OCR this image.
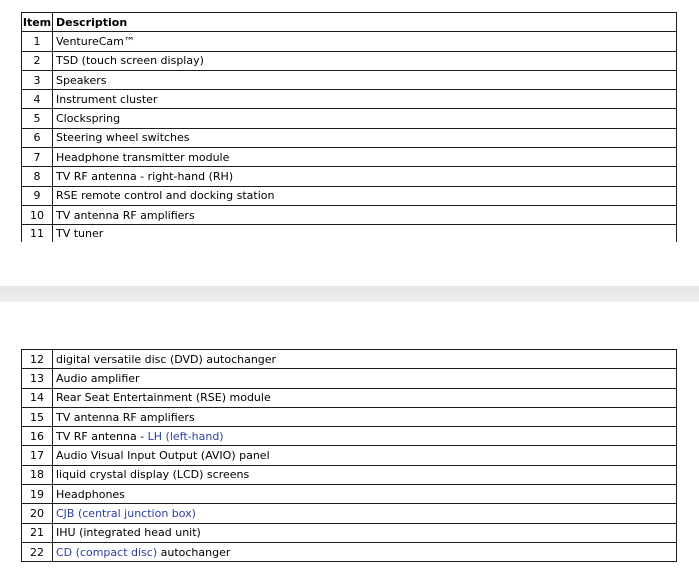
Item	Description
1	VentureCam™
2	TSD (touch screen display)
3	Speakers
4	Instrument cluster
5	Clockspring
6	Steering wheel switches
7	Headphone transmitter module
8	TV RF antenna - right-hand (RH)
9	RSE remote control and docking station
10	TV antenna RF amplifiers
11	TV tuner
12	digital versatile disc (DVD) autochanger
13	Audio amplifier
14	Rear Seat Entertainment (RSE) module
15	TV antenna RF amplifiers
16	TV RF antenna - LH (left-hand)
17	Audio Visual Input Output (AVIO) panel
18	liquid crystal display (LCD) screens
19	Headphones
20	CJB (central junction box)
21	IHU (integrated head unit)
22	CD (compact disc) autochanger
